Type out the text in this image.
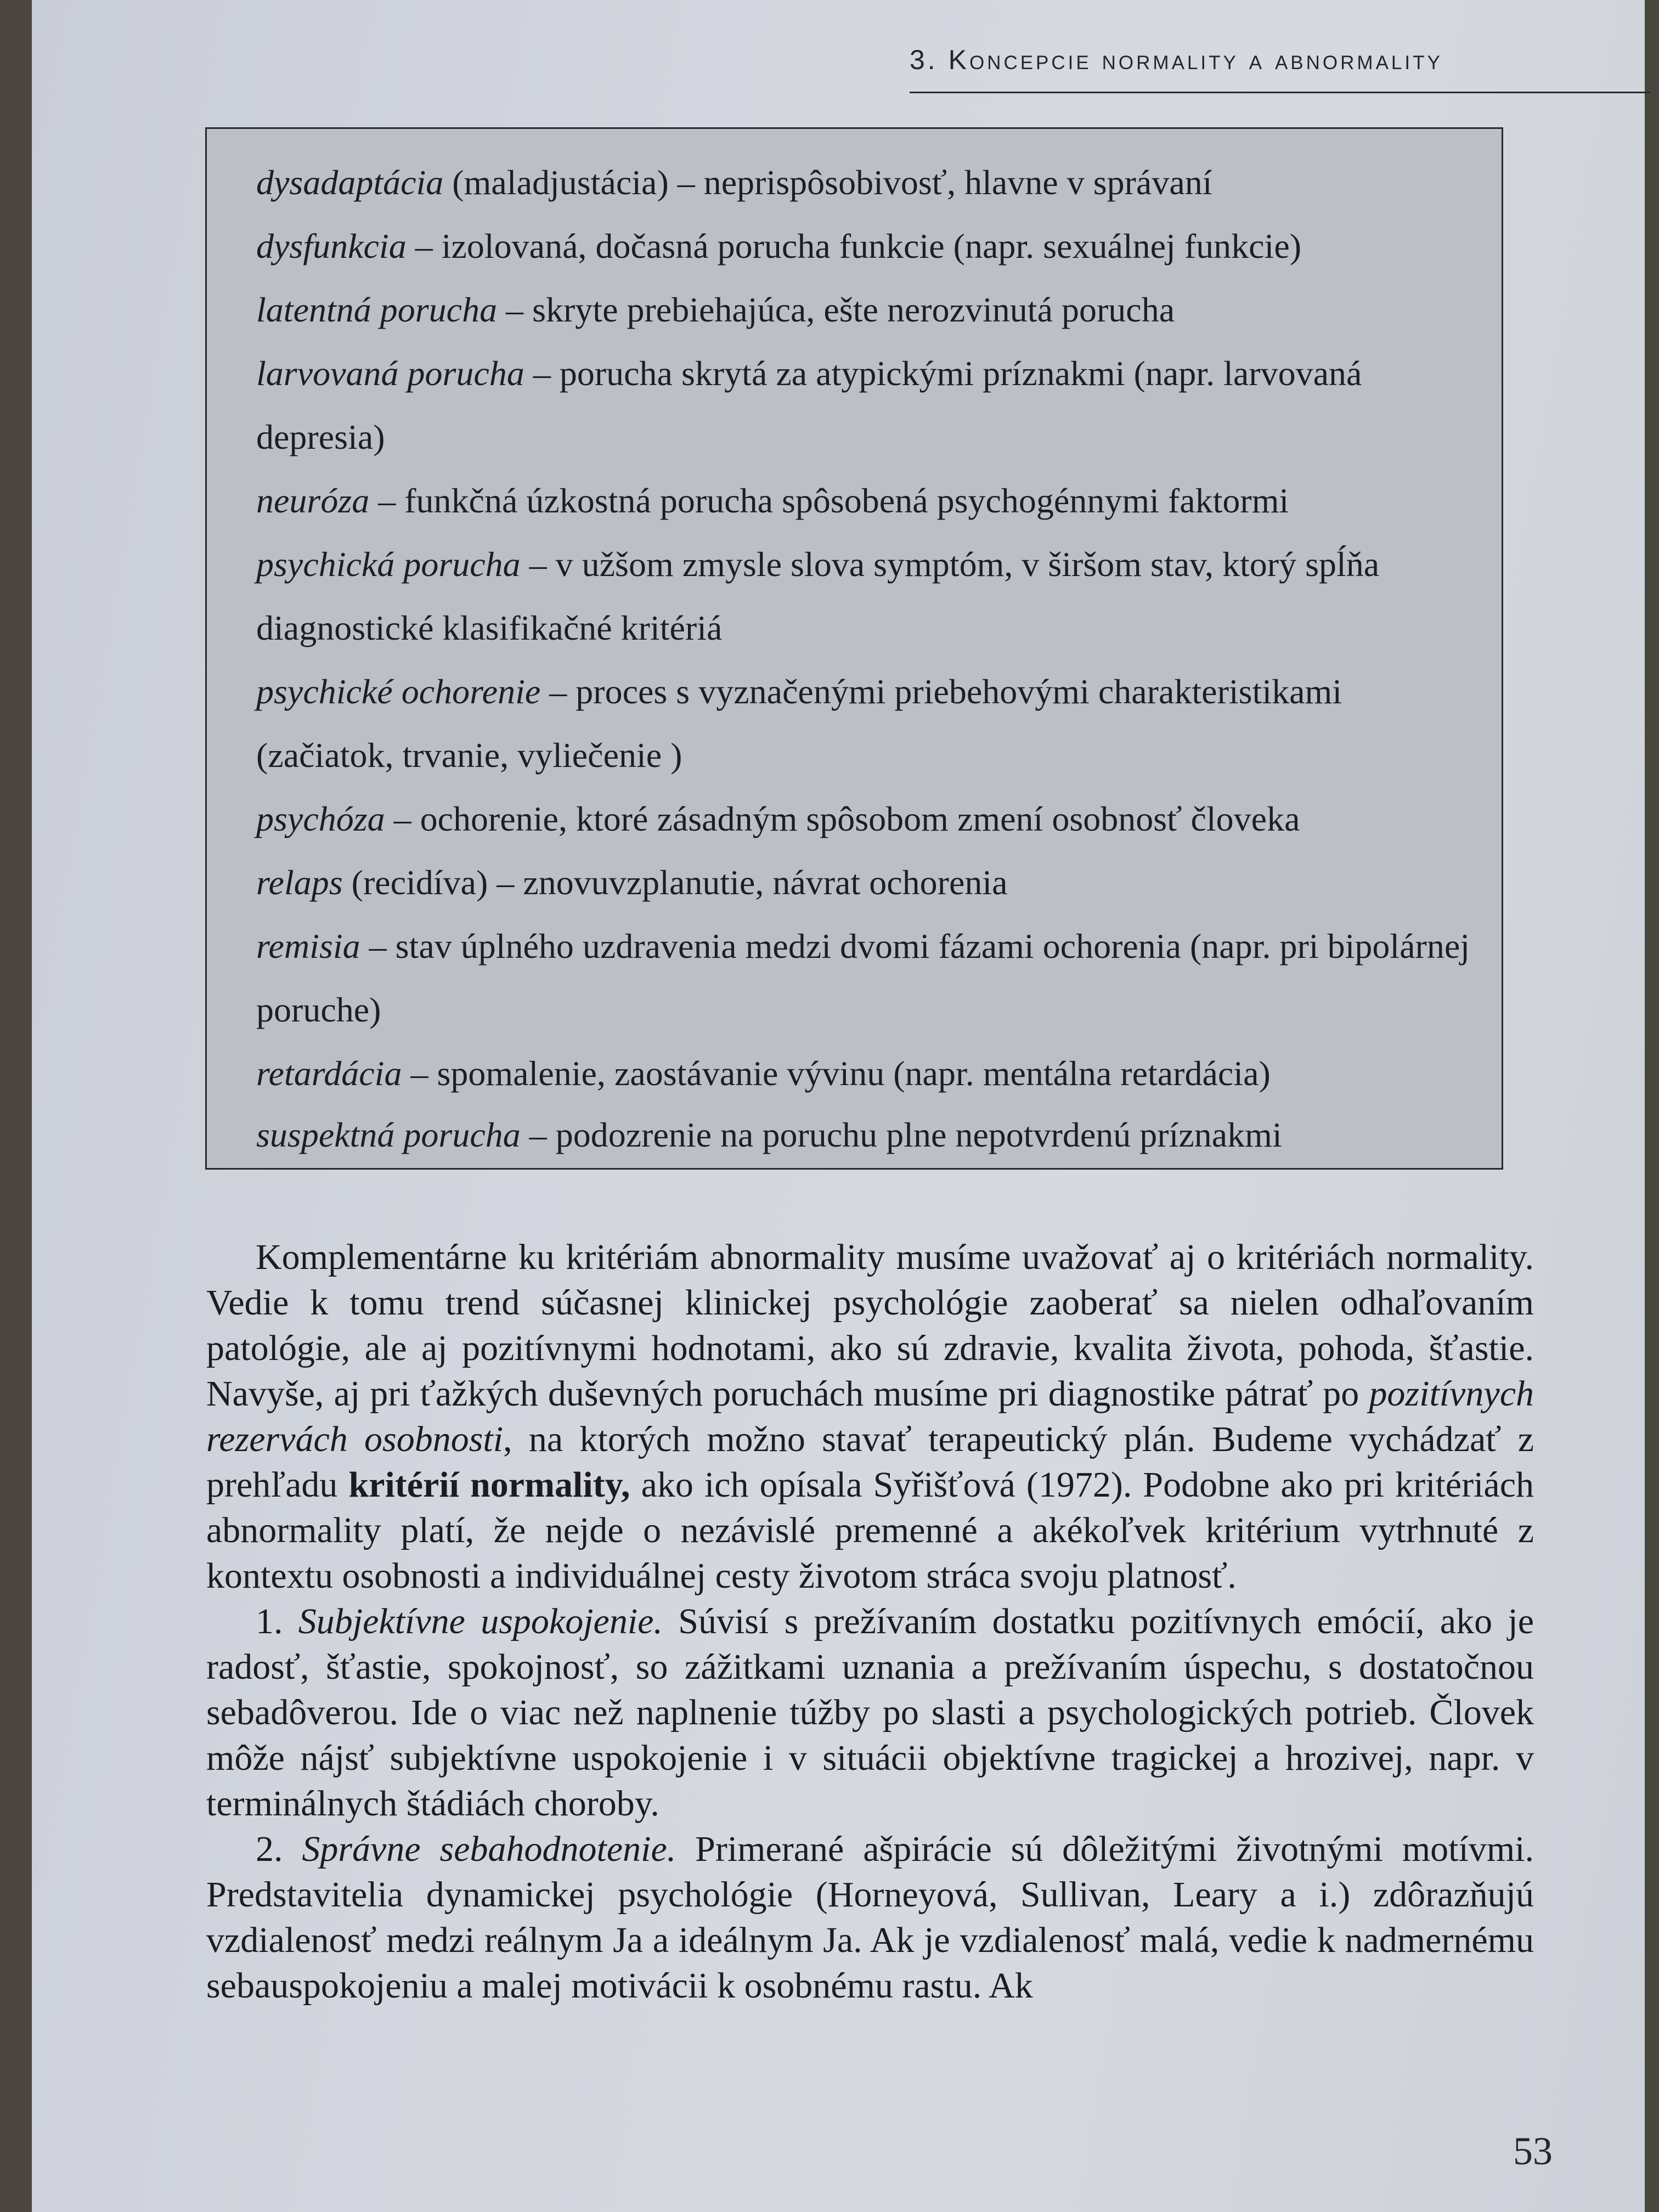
3. Koncepcie normality a abnormality
dysadaptácia (maladjustácia) – neprispôsobivosť, hlavne v správaní
dysfunkcia – izolovaná, dočasná porucha funkcie (napr. sexuálnej funkcie)
latentná porucha – skryte prebiehajúca, ešte nerozvinutá porucha
larvovaná porucha – porucha skrytá za atypickými príznakmi (napr. larvovaná depresia)
neuróza – funkčná úzkostná porucha spôsobená psychogénnymi faktormi
psychická porucha – v užšom zmysle slova symptóm, v širšom stav, ktorý spĺňa diagnostické klasifikačné kritériá
psychické ochorenie – proces s vyznačenými priebehovými charakteristikami (začiatok, trvanie, vyliečenie )
psychóza – ochorenie, ktoré zásadným spôsobom zmení osobnosť človeka
relaps (recidíva) – znovuvzplanutie, návrat ochorenia
remisia – stav úplného uzdravenia medzi dvomi fázami ochorenia (napr. pri bipolárnej poruche)
retardácia – spomalenie, zaostávanie vývinu (napr. mentálna retardácia)
suspektná porucha – podozrenie na poruchu plne nepotvrdenú príznakmi

Komplementárne ku kritériám abnormality musíme uvažovať aj o kritériách normality. Vedie k tomu trend súčasnej klinickej psychológie zaoberať sa nielen odhaľovaním patológie, ale aj pozitívnymi hodnotami, ako sú zdravie, kvalita života, pohoda, šťastie. Navyše, aj pri ťažkých duševných poruchách musíme pri diagnostike pátrať po pozitívnych rezervách osobnosti, na ktorých možno stavať terapeutický plán. Budeme vychádzať z prehľadu kritérií normality, ako ich opísala Syřišťová (1972). Podobne ako pri kritériách abnormality platí, že nejde o nezávislé premenné a akékoľvek kritérium vytrhnuté z kontextu osobnosti a individuálnej cesty životom stráca svoju platnosť.

1. Subjektívne uspokojenie. Súvisí s prežívaním dostatku pozitívnych emócií, ako je radosť, šťastie, spokojnosť, so zážitkami uznania a prežívaním úspechu, s dostatočnou sebadôverou. Ide o viac než naplnenie túžby po slasti a psychologických potrieb. Človek môže nájsť subjektívne uspokojenie i v situácii objektívne tragickej a hrozivej, napr. v terminálnych štádiách choroby.

2. Správne sebahodnotenie. Primerané ašpirácie sú dôležitými životnými motívmi. Predstavitelia dynamickej psychológie (Horneyová, Sullivan, Leary a i.) zdôrazňujú vzdialenosť medzi reálnym Ja a ideálnym Ja. Ak je vzdialenosť malá, vedie k nadmernému sebauspokojeniu a malej motivácii k osobnému rastu. Ak

53
